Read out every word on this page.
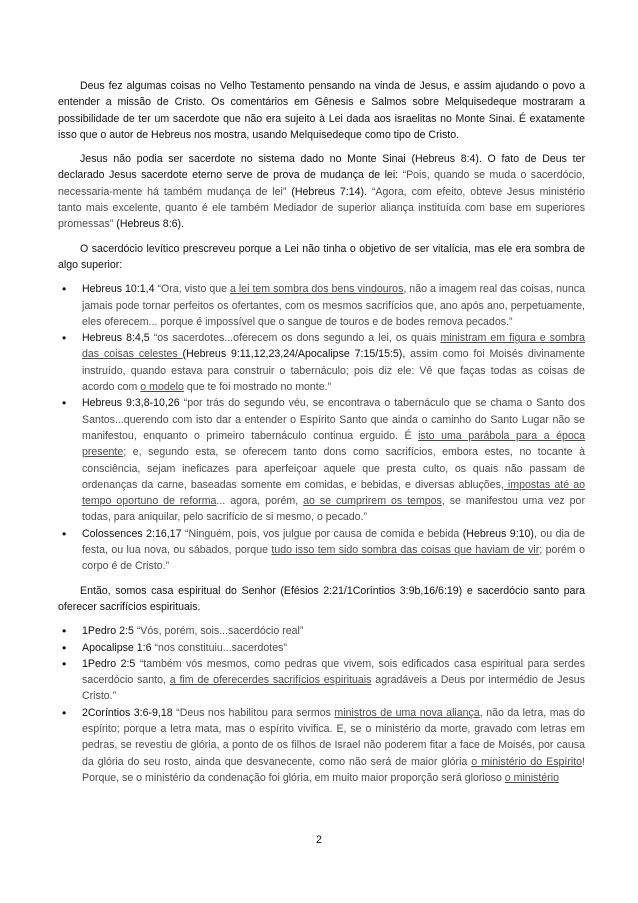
Deus fez algumas coisas no Velho Testamento pensando na vinda de Jesus, e assim ajudando o povo a entender a missão de Cristo. Os comentários em Gênesis e Salmos sobre Melquisedeque mostraram a possibilidade de ter um sacerdote que não era sujeito à Lei dada aos israelitas no Monte Sinai. É exatamente isso que o autor de Hebreus nos mostra, usando Melquisedeque como tipo de Cristo.

Jesus não podia ser sacerdote no sistema dado no Monte Sinai (Hebreus 8:4). O fato de Deus ter declarado Jesus sacerdote eterno serve de prova de mudança de lei: “Pois, quando se muda o sacerdócio, necessaria-mente há também mudança de lei” (Hebreus 7:14). “Agora, com efeito, obteve Jesus ministério tanto mais excelente, quanto é ele também Mediador de superior aliança instituída com base em superiores promessas” (Hebreus 8:6).

O sacerdócio levítico prescreveu porque a Lei não tinha o objetivo de ser vitalícia, mas ele era sombra de algo superior:

• Hebreus 10:1,4 “Ora, visto que a lei tem sombra dos bens vindouros, não a imagem real das coisas, nunca jamais pode tornar perfeitos os ofertantes, com os mesmos sacrifícios que, ano após ano, perpetuamente, eles oferecem... porque é impossível que o sangue de touros e de bodes remova pecados.”
• Hebreus 8:4,5 “os sacerdotes...oferecem os dons segundo a lei, os quais ministram em figura e sombra das coisas celestes (Hebreus 9:11,12,23,24/Apocalipse 7:15/15:5), assim como foi Moisés divinamente instruído, quando estava para construir o tabernáculo; pois diz ele: Vê que faças todas as coisas de acordo com o modelo que te foi mostrado no monte.”
• Hebreus 9:3,8-10,26 “por trás do segundo véu, se encontrava o tabernáculo que se chama o Santo dos Santos...querendo com isto dar a entender o Espírito Santo que ainda o caminho do Santo Lugar não se manifestou, enquanto o primeiro tabernáculo continua erguido. É isto uma parábola para a época presente; e, segundo esta, se oferecem tanto dons como sacrifícios, embora estes, no tocante à consciência, sejam ineficazes para aperfeiçoar aquele que presta culto, os quais não passam de ordenanças da carne, baseadas somente em comidas, e bebidas, e diversas abluções, impostas até ao tempo oportuno de reforma... agora, porém, ao se cumprirem os tempos, se manifestou uma vez por todas, para aniquilar, pelo sacrifício de si mesmo, o pecado.”
• Colossences 2:16,17 “Ninguém, pois, vos julgue por causa de comida e bebida (Hebreus 9:10), ou dia de festa, ou lua nova, ou sábados, porque tudo isso tem sido sombra das coisas que haviam de vir; porém o corpo é de Cristo.”

Então, somos casa espiritual do Senhor (Efésios 2:21/1Coríntios 3:9b,16/6:19) e sacerdócio santo para oferecer sacrifícios espirituais.

• 1Pedro 2:5 “Vós, porém, sois...sacerdócio real”
• Apocalipse 1:6 “nos constituiu...sacerdotes”
• 1Pedro 2:5 “também vós mesmos, como pedras que vivem, sois edificados casa espiritual para serdes sacerdócio santo, a fim de oferecerdes sacrifícios espirituais agradáveis a Deus por intermédio de Jesus Cristo.”
• 2Coríntios 3:6-9,18 “Deus nos habilitou para sermos ministros de uma nova aliança, não da letra, mas do espírito; porque a letra mata, mas o espírito vivifica. E, se o ministério da morte, gravado com letras em pedras, se revestiu de glória, a ponto de os filhos de Israel não poderem fitar a face de Moisés, por causa da glória do seu rosto, ainda que desvanecente, como não será de maior glória o ministério do Espírito! Porque, se o ministério da condenação foi glória, em muito maior proporção será glorioso o ministério
2
